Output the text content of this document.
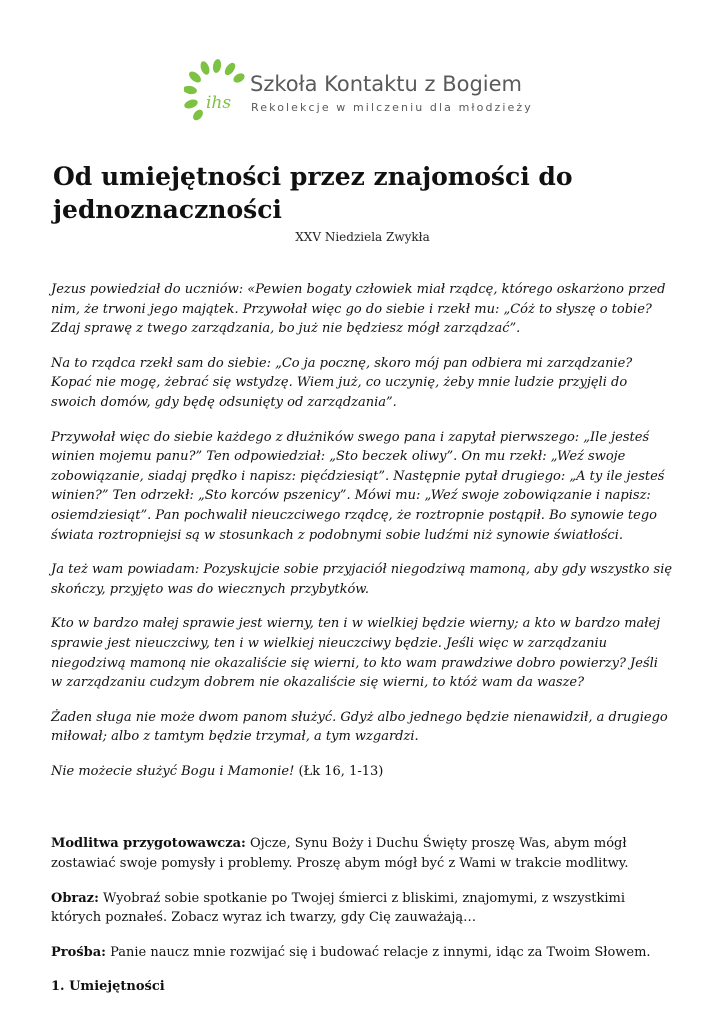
ihs
Szkoła Kontaktu z Bogiem
Rekolekcje w milczeniu dla młodzieży
Od umiejętności przez znajomości do jednoznaczności
XXV Niedziela Zwykła

Jezus powiedział do uczniów: «Pewien bogaty człowiek miał rządcę, którego oskarżono przed nim, że trwoni jego majątek. Przywołał więc go do siebie i rzekł mu: „Cóż to słyszę o tobie? Zdaj sprawę z twego zarządzania, bo już nie będziesz mógł zarządzać”.

Na to rządca rzekł sam do siebie: „Co ja pocznę, skoro mój pan odbiera mi zarządzanie? Kopać nie mogę, żebrać się wstydzę. Wiem już, co uczynię, żeby mnie ludzie przyjęli do swoich domów, gdy będę odsunięty od zarządzania”.

Przywołał więc do siebie każdego z dłużników swego pana i zapytał pierwszego: „Ile jesteś winien mojemu panu?” Ten odpowiedział: „Sto beczek oliwy”. On mu rzekł: „Weź swoje zobowiązanie, siadaj prędko i napisz: pięćdziesiąt”. Następnie pytał drugiego: „A ty ile jesteś winien?” Ten odrzekł: „Sto korców pszenicy”. Mówi mu: „Weź swoje zobowiązanie i napisz: osiemdziesiąt”. Pan pochwalił nieuczciwego rządcę, że roztropnie postąpił. Bo synowie tego świata roztropniejsi są w stosunkach z podobnymi sobie ludźmi niż synowie światłości.

Ja też wam powiadam: Pozyskujcie sobie przyjaciół niegodziwą mamoną, aby gdy wszystko się skończy, przyjęto was do wiecznych przybytków.

Kto w bardzo małej sprawie jest wierny, ten i w wielkiej będzie wierny; a kto w bardzo małej sprawie jest nieuczciwy, ten i w wielkiej nieuczciwy będzie. Jeśli więc w zarządzaniu niegodziwą mamoną nie okazaliście się wierni, to kto wam prawdziwe dobro powierzy? Jeśli w zarządzaniu cudzym dobrem nie okazaliście się wierni, to któż wam da wasze?

Żaden sługa nie może dwom panom służyć. Gdyż albo jednego będzie nienawidził, a drugiego miłował; albo z tamtym będzie trzymał, a tym wzgardzi.

Nie możecie służyć Bogu i Mamonie! (Łk 16, 1-13)

Modlitwa przygotowawcza: Ojcze, Synu Boży i Duchu Święty proszę Was, abym mógł zostawiać swoje pomysły i problemy. Proszę abym mógł być z Wami w trakcie modlitwy.

Obraz: Wyobraź sobie spotkanie po Twojej śmierci z bliskimi, znajomymi, z wszystkimi których poznałeś. Zobacz wyraz ich twarzy, gdy Cię zauważają…

Prośba: Panie naucz mnie rozwijać się i budować relacje z innymi, idąc za Twoim Słowem.

1. Umiejętności
